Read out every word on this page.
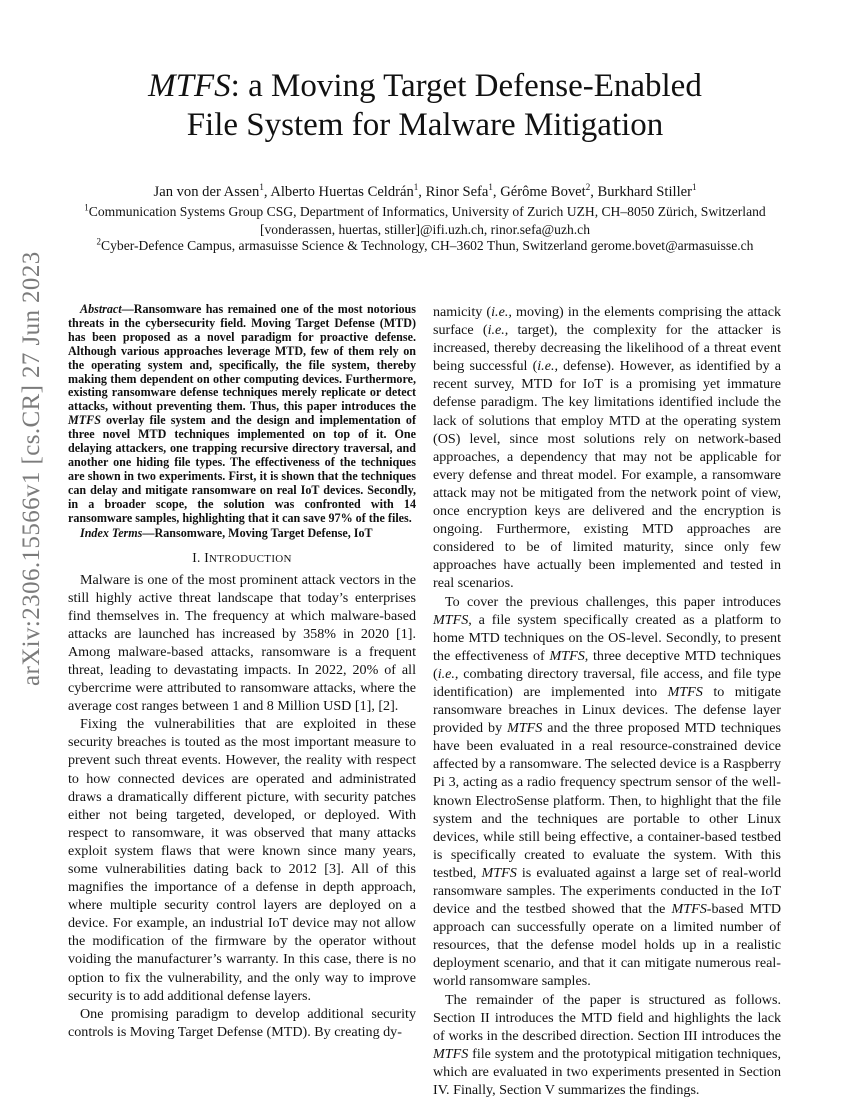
arXiv:2306.15566v1 [cs.CR] 27 Jun 2023
MTFS: a Moving Target Defense-Enabled
File System for Malware Mitigation
Jan von der Assen$^1$, Alberto Huertas Celdrán$^1$, Rinor Sefa$^1$, Gérôme Bovet$^2$, Burkhard Stiller$^1$
$^1$Communication Systems Group CSG, Department of Informatics, University of Zurich UZH, CH–8050 Zürich, Switzerland
[vonderassen, huertas, stiller]@ifi.uzh.ch, rinor.sefa@uzh.ch
$^2$Cyber-Defence Campus, armasuisse Science & Technology, CH–3602 Thun, Switzerland gerome.bovet@armasuisse.ch

Abstract—Ransomware has remained one of the most notorious threats in the cybersecurity field. Moving Target Defense (MTD) has been proposed as a novel paradigm for proactive defense. Although various approaches leverage MTD, few of them rely on the operating system and, specifically, the file system, thereby making them dependent on other computing devices. Furthermore, existing ransomware defense techniques merely replicate or detect attacks, without preventing them. Thus, this paper introduces the MTFS overlay file system and the design and implementation of three novel MTD techniques implemented on top of it. One delaying attackers, one trapping recursive directory traversal, and another one hiding file types. The effectiveness of the techniques are shown in two experiments. First, it is shown that the techniques can delay and mitigate ransomware on real IoT devices. Secondly, in a broader scope, the solution was confronted with 14 ransomware samples, highlighting that it can save 97% of the files.

Index Terms—Ransomware, Moving Target Defense, IoT

I. INTRODUCTION

Malware is one of the most prominent attack vectors in the still highly active threat landscape that today’s enterprises find themselves in. The frequency at which malware-based attacks are launched has increased by 358% in 2020 [1]. Among malware-based attacks, ransomware is a frequent threat, leading to devastating impacts. In 2022, 20% of all cybercrime were attributed to ransomware attacks, where the average cost ranges between 1 and 8 Million USD [1], [2].

Fixing the vulnerabilities that are exploited in these security breaches is touted as the most important measure to prevent such threat events. However, the reality with respect to how connected devices are operated and administrated draws a dramatically different picture, with security patches either not being targeted, developed, or deployed. With respect to ransomware, it was observed that many attacks exploit system flaws that were known since many years, some vulnerabilities dating back to 2012 [3]. All of this magnifies the importance of a defense in depth approach, where multiple security control layers are deployed on a device. For example, an industrial IoT device may not allow the modification of the firmware by the operator without voiding the manufacturer’s warranty. In this case, there is no option to fix the vulnerability, and the only way to improve security is to add additional defense layers.

One promising paradigm to develop additional security controls is Moving Target Defense (MTD). By creating dy-

namicity (i.e., moving) in the elements comprising the attack surface (i.e., target), the complexity for the attacker is increased, thereby decreasing the likelihood of a threat event being successful (i.e., defense). However, as identified by a recent survey, MTD for IoT is a promising yet immature defense paradigm. The key limitations identified include the lack of solutions that employ MTD at the operating system (OS) level, since most solutions rely on network-based approaches, a dependency that may not be applicable for every defense and threat model. For example, a ransomware attack may not be mitigated from the network point of view, once encryption keys are delivered and the encryption is ongoing. Furthermore, existing MTD approaches are considered to be of limited maturity, since only few approaches have actually been implemented and tested in real scenarios.

To cover the previous challenges, this paper introduces MTFS, a file system specifically created as a platform to home MTD techniques on the OS-level. Secondly, to present the effectiveness of MTFS, three deceptive MTD techniques (i.e., combating directory traversal, file access, and file type identification) are implemented into MTFS to mitigate ransomware breaches in Linux devices. The defense layer provided by MTFS and the three proposed MTD techniques have been evaluated in a real resource-constrained device affected by a ransomware. The selected device is a Raspberry Pi 3, acting as a radio frequency spectrum sensor of the well-known ElectroSense platform. Then, to highlight that the file system and the techniques are portable to other Linux devices, while still being effective, a container-based testbed is specifically created to evaluate the system. With this testbed, MTFS is evaluated against a large set of real-world ransomware samples. The experiments conducted in the IoT device and the testbed showed that the MTFS-based MTD approach can successfully operate on a limited number of resources, that the defense model holds up in a realistic deployment scenario, and that it can mitigate numerous real-world ransomware samples.

The remainder of the paper is structured as follows. Section II introduces the MTD field and highlights the lack of works in the described direction. Section III introduces the MTFS file system and the prototypical mitigation techniques, which are evaluated in two experiments presented in Section IV. Finally, Section V summarizes the findings.
